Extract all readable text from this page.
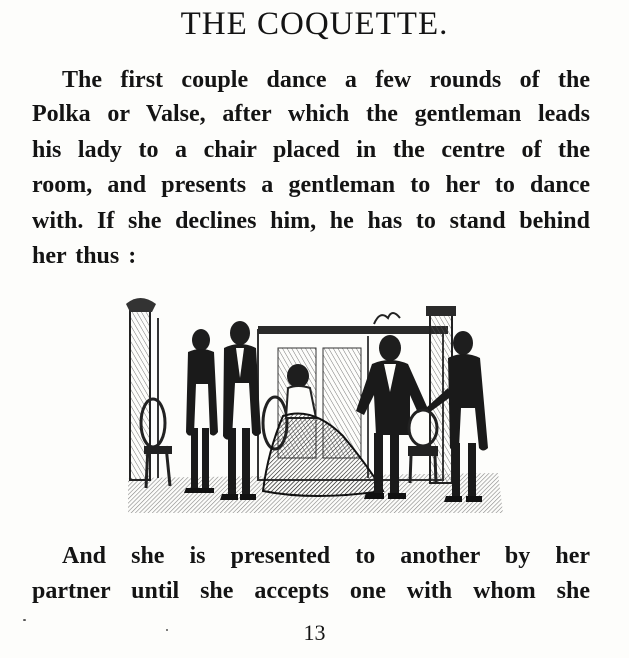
THE COQUETTE.
The first couple dance a few rounds of the
Polka or Valse, after which the gentleman leads
his lady to a chair placed in the centre of the
room, and presents a gentleman to her to dance
with. If she declines him, he has to stand behind
her thus :
And she is presented to another by her
partner until she accepts one with whom she
13
